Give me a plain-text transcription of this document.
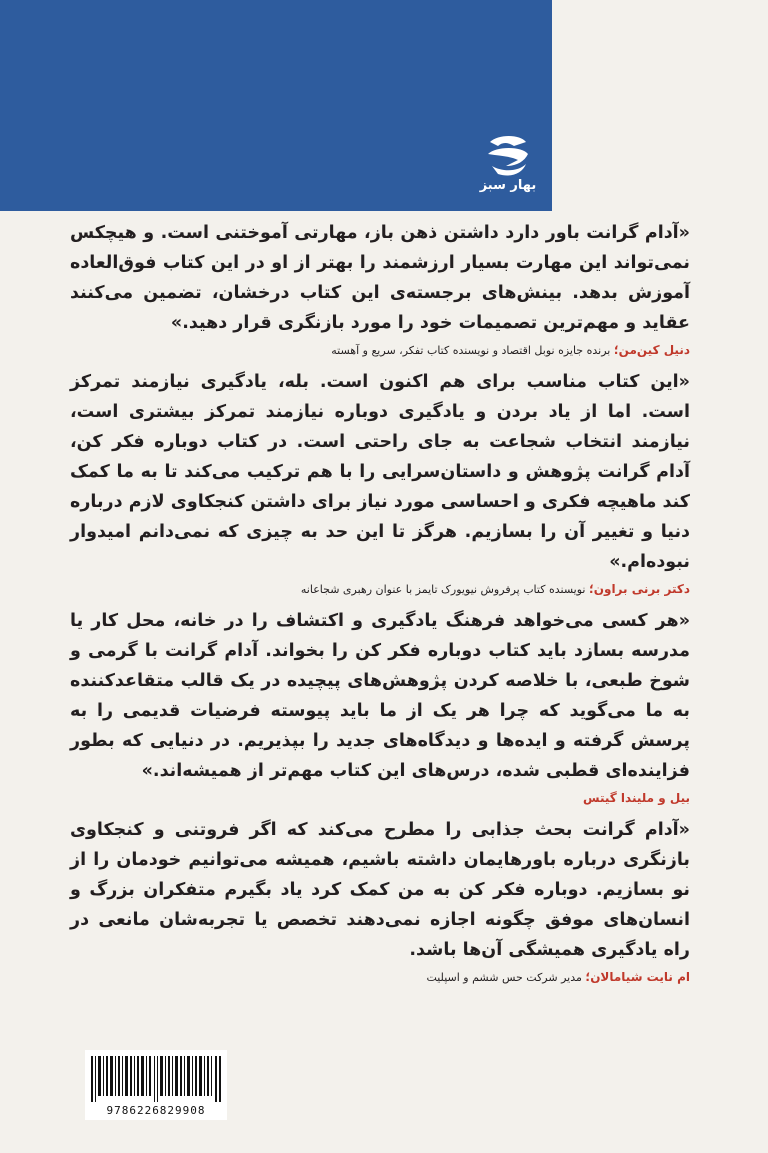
بهار سبز

«آدام گرانت باور دارد داشتن ذهن باز، مهارتی آموختنی است. و هیچکس نمی‌تواند این مهارت بسیار ارزشمند را بهتر از او در این کتاب فوق‌العاده آموزش بدهد. بینش‌های برجسته‌ی این کتاب درخشان، تضمین می‌کنند عقاید و مهم‌ترین تصمیمات خود را مورد بازنگری قرار دهید.»

دنیل کین‌من؛ برنده جایزه نوبل اقتصاد و نویسنده کتاب تفکر، سریع و آهسته

«این کتاب مناسب برای هم اکنون است. بله، یادگیری نیازمند تمرکز است. اما از یاد بردن و یادگیری دوباره نیازمند تمرکز بیشتری است، نیازمند انتخاب شجاعت به جای راحتی است. در کتاب دوباره فکر کن، آدام گرانت پژوهش و داستان‌سرایی را با هم ترکیب می‌کند تا به ما کمک کند ماهیچه فکری و احساسی مورد نیاز برای داشتن کنجکاوی لازم درباره دنیا و تغییر آن را بسازیم. هرگز تا این حد به چیزی که نمی‌دانم امیدوار نبوده‌ام.»

دکتر برنی براون؛ نویسنده کتاب پرفروش نیویورک تایمز با عنوان رهبری شجاعانه

«هر کسی می‌خواهد فرهنگ یادگیری و اکتشاف را در خانه، محل کار یا مدرسه بسازد باید کتاب دوباره فکر کن را بخواند. آدام گرانت با گرمی و شوخ طبعی، با خلاصه کردن پژوهش‌های پیچیده در یک قالب متقاعدکننده به ما می‌گوید که چرا هر یک از ما باید پیوسته فرضیات قدیمی را به پرسش گرفته و ایده‌ها و دیدگاه‌های جدید را بپذیریم. در دنیایی که بطور فزاینده‌ای قطبی شده، درس‌های این کتاب مهم‌تر از همیشه‌اند.»

بیل و ملیندا گیتس

«آدام گرانت بحث جذابی را مطرح می‌کند که اگر فروتنی و کنجکاوی بازنگری درباره باورهایمان داشته باشیم، همیشه می‌توانیم خودمان را از نو بسازیم. دوباره فکر کن به من کمک کرد یاد بگیرم متفکران بزرگ و انسان‌های موفق چگونه اجازه نمی‌دهند تخصص یا تجربه‌شان مانعی در راه یادگیری همیشگی آن‌ها باشد.

ام نایت شیامالان؛ مدیر شرکت حس ششم و اسپلیت

9786226829908
